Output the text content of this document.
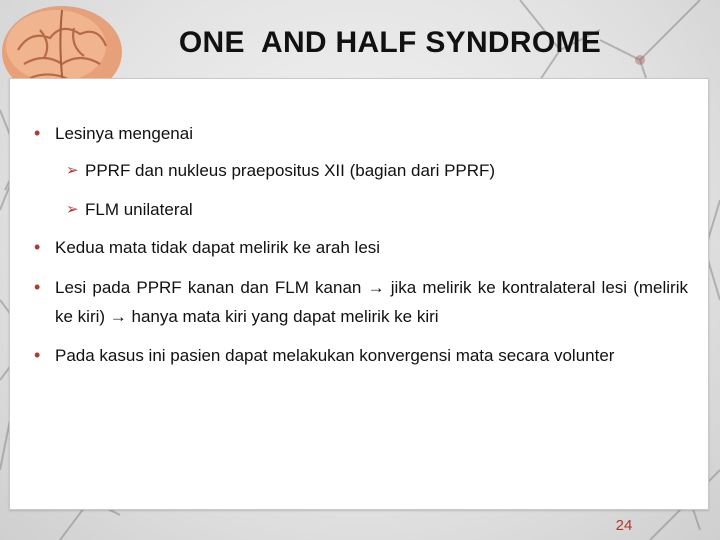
ONE  AND HALF SYNDROME
• Lesinya mengenai
➢ PPRF dan nukleus praepositus XII (bagian dari PPRF)
➢ FLM unilateral
• Kedua mata tidak dapat melirik ke arah lesi
• Lesi pada PPRF kanan dan FLM kanan → jika melirik ke kontralateral lesi (melirik ke kiri) → hanya mata kiri yang dapat melirik ke kiri
• Pada kasus ini pasien dapat melakukan konvergensi mata secara volunter
24
